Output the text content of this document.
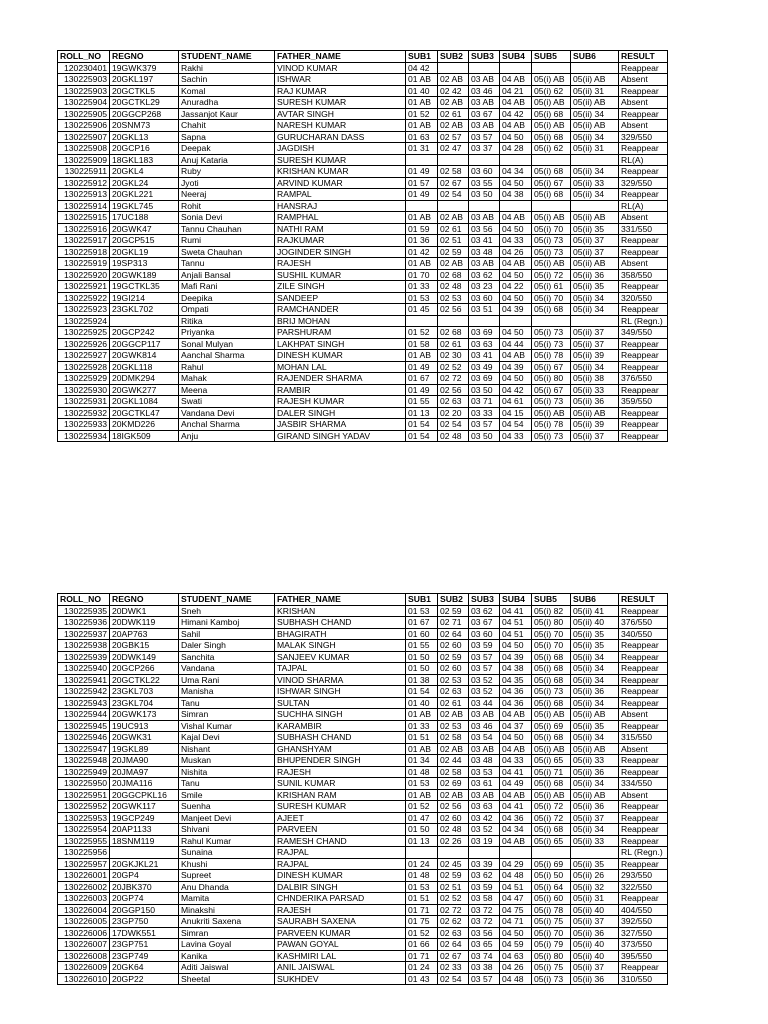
ROLL_NO	REGNO	STUDENT_NAME	FATHER_NAME	SUB1	SUB2	SUB3	SUB4	SUB5	SUB6	RESULT
120230401	19GWK379	Rakhi	VINOD KUMAR	04 42						Reappear
130225903	20GKL197	Sachin	ISHWAR	01 AB	02 AB	03 AB	04 AB	05(i) AB	05(ii) AB	Absent
130225903	20GCTKL5	Komal	RAJ KUMAR	01 40	02 42	03 46	04 21	05(i) 62	05(ii) 31	Reappear
130225904	20GCTKL29	Anuradha	SURESH KUMAR	01 AB	02 AB	03 AB	04 AB	05(i) AB	05(ii) AB	Absent
130225905	20GGCP268	Jassanjot Kaur	AVTAR SINGH	01 52	02 61	03 67	04 42	05(i) 68	05(ii) 34	Reappear
130225906	20SNM73	Chahit	NARESH KUMAR	01 AB	02 AB	03 AB	04 AB	05(i) AB	05(ii) AB	Absent
130225907	20GKL13	Sapna	GURUCHARAN DASS	01 63	02 57	03 57	04 50	05(i) 68	05(ii) 34	329/550
130225908	20GCP16	Deepak	JAGDISH	01 31	02 47	03 37	04 28	05(i) 62	05(ii) 31	Reappear
130225909	18GKL183	Anuj Kataria	SURESH KUMAR							RL(A)
130225911	20GKL4	Ruby	KRISHAN KUMAR	01 49	02 58	03 60	04 34	05(i) 68	05(ii) 34	Reappear
130225912	20GKL24	Jyoti	ARVIND KUMAR	01 57	02 67	03 55	04 50	05(i) 67	05(ii) 33	329/550
130225913	20GKL221	Neeraj	RAMPAL	01 49	02 54	03 50	04 38	05(i) 68	05(ii) 34	Reappear
130225914	19GKL745	Rohit	HANSRAJ							RL(A)
130225915	17UC188	Sonia Devi	RAMPHAL	01 AB	02 AB	03 AB	04 AB	05(i) AB	05(ii) AB	Absent
130225916	20GWK47	Tannu Chauhan	NATHI RAM	01 59	02 61	03 56	04 50	05(i) 70	05(ii) 35	331/550
130225917	20GCP515	Rumi	RAJKUMAR	01 36	02 51	03 41	04 33	05(i) 73	05(ii) 37	Reappear
130225918	20GKL19	Sweta Chauhan	JOGINDER SINGH	01 42	02 59	03 48	04 26	05(i) 73	05(ii) 37	Reappear
130225919	19SP313	Tannu	RAJESH	01 AB	02 AB	03 AB	04 AB	05(i) AB	05(ii) AB	Absent
130225920	20GWK189	Anjali Bansal	SUSHIL KUMAR	01 70	02 68	03 62	04 50	05(i) 72	05(ii) 36	358/550
130225921	19GCTKL35	Mafi Rani	ZILE SINGH	01 33	02 48	03 23	04 22	05(i) 61	05(ii) 35	Reappear
130225922	19GI214	Deepika	SANDEEP	01 53	02 53	03 60	04 50	05(i) 70	05(ii) 34	320/550
130225923	23GKL702	Ompati	RAMCHANDER	01 45	02 56	03 51	04 39	05(i) 68	05(ii) 34	Reappear
130225924		Ritika	BRIJ MOHAN							RL (Regn.)
130225925	20GCP242	Priyanka	PARSHURAM	01 52	02 68	03 69	04 50	05(i) 73	05(ii) 37	349/550
130225926	20GGCP117	Sonal Mulyan	LAKHPAT SINGH	01 58	02 61	03 63	04 44	05(i) 73	05(ii) 37	Reappear
130225927	20GWK814	Aanchal Sharma	DINESH KUMAR	01 AB	02 30	03 41	04 AB	05(i) 78	05(ii) 39	Reappear
130225928	20GKL118	Rahul	MOHAN LAL	01 49	02 52	03 49	04 39	05(i) 67	05(ii) 34	Reappear
130225929	20DMK294	Mahak	RAJENDER SHARMA	01 67	02 72	03 69	04 50	05(i) 80	05(ii) 38	376/550
130225930	20GWK277	Meena	RAMBIR	01 49	02 56	03 50	04 42	05(i) 67	05(ii) 33	Reappear
130225931	20GKL1084	Swati	RAJESH KUMAR	01 55	02 63	03 71	04 61	05(i) 73	05(ii) 36	359/550
130225932	20GCTKL47	Vandana Devi	DALER SINGH	01 13	02 20	03 33	04 15	05(i) AB	05(ii) AB	Reappear
130225933	20KMD226	Anchal Sharma	JASBIR SHARMA	01 54	02 54	03 57	04 54	05(i) 78	05(ii) 39	Reappear
130225934	18IGK509	Anju	GIRAND SINGH YADAV	01 54	02 48	03 50	04 33	05(i) 73	05(ii) 37	Reappear
ROLL_NO	REGNO	STUDENT_NAME	FATHER_NAME	SUB1	SUB2	SUB3	SUB4	SUB5	SUB6	RESULT
130225935	20DWK1	Sneh	KRISHAN	01 53	02 59	03 62	04 41	05(i) 82	05(ii) 41	Reappear
130225936	20DWK119	Himani Kamboj	SUBHASH CHAND	01 67	02 71	03 67	04 51	05(i) 80	05(ii) 40	376/550
130225937	20AP763	Sahil	BHAGIRATH	01 60	02 64	03 60	04 51	05(i) 70	05(ii) 35	340/550
130225938	20GBK15	Daler Singh	MALAK SINGH	01 55	02 60	03 59	04 50	05(i) 70	05(ii) 35	Reappear
130225939	20DWK149	Sanchita	SANJEEV KUMAR	01 50	02 59	03 57	04 39	05(i) 68	05(ii) 34	Reappear
130225940	20GCP266	Vandana	TAJPAL	01 50	02 60	03 57	04 38	05(i) 68	05(ii) 34	Reappear
130225941	20GCTKL22	Uma Rani	VINOD SHARMA	01 38	02 53	03 52	04 35	05(i) 68	05(ii) 34	Reappear
130225942	23GKL703	Manisha	ISHWAR SINGH	01 54	02 63	03 52	04 36	05(i) 73	05(ii) 36	Reappear
130225943	23GKL704	Tanu	SULTAN	01 40	02 61	03 44	04 36	05(i) 68	05(ii) 34	Reappear
130225944	20GWK173	Simran	SUCHHA SINGH	01 AB	02 AB	03 AB	04 AB	05(i) AB	05(ii) AB	Absent
130225945	19UC913	Vishal Kumar	KARAMBIR	01 33	02 53	03 46	04 37	05(i) 69	05(ii) 35	Reappear
130225946	20GWK31	Kajal Devi	SUBHASH CHAND	01 51	02 58	03 54	04 50	05(i) 68	05(ii) 34	315/550
130225947	19GKL89	Nishant	GHANSHYAM	01 AB	02 AB	03 AB	04 AB	05(i) AB	05(ii) AB	Absent
130225948	20JMA90	Muskan	BHUPENDER SINGH	01 34	02 44	03 48	04 33	05(i) 65	05(ii) 33	Reappear
130225949	20JMA97	Nishita	RAJESH	01 48	02 58	03 53	04 41	05(i) 71	05(ii) 36	Reappear
130225950	20JMA116	Tanu	SUNIL KUMAR	01 53	02 69	03 61	04 49	05(i) 68	05(ii) 34	334/550
130225951	20GGCPKL16	Smile	KRISHAN RAM	01 AB	02 AB	03 AB	04 AB	05(i) AB	05(ii) AB	Absent
130225952	20GWK117	Suenha	SURESH KUMAR	01 52	02 56	03 63	04 41	05(i) 72	05(ii) 36	Reappear
130225953	19GCP249	Manjeet Devi	AJEET	01 47	02 60	03 42	04 36	05(i) 72	05(ii) 37	Reappear
130225954	20AP1133	Shivani	PARVEEN	01 50	02 48	03 52	04 34	05(i) 68	05(ii) 34	Reappear
130225955	18SNM119	Rahul Kumar	RAMESH CHAND	01 13	02 26	03 19	04 AB	05(i) 65	05(ii) 33	Reappear
130225956		Sunaina	RAJPAL							RL (Regn.)
130225957	20GKJKL21	Khushi	RAJPAL	01 24	02 45	03 39	04 29	05(i) 69	05(ii) 35	Reappear
130226001	20GP4	Supreet	DINESH KUMAR	01 48	02 59	03 62	04 48	05(i) 50	05(ii) 26	293/550
130226002	20JBK370	Anu Dhanda	DALBIR SINGH	01 53	02 51	03 59	04 51	05(i) 64	05(ii) 32	322/550
130226003	20GP74	Mamita	CHNDERIKA PARSAD	01 51	02 52	03 58	04 47	05(i) 60	05(ii) 31	Reappear
130226004	20GGP150	Minakshi	RAJESH	01 71	02 72	03 72	04 75	05(i) 78	05(ii) 40	404/550
130226005	23GP750	Anukriti Saxena	SAURABH SAXENA	01 75	02 62	03 72	04 71	05(i) 75	05(ii) 37	392/550
130226006	17DWK551	Simran	PARVEEN KUMAR	01 52	02 63	03 56	04 50	05(i) 70	05(ii) 36	327/550
130226007	23GP751	Lavina Goyal	PAWAN GOYAL	01 66	02 64	03 65	04 59	05(i) 79	05(ii) 40	373/550
130226008	23GP749	Kanika	KASHMIRI LAL	01 71	02 67	03 74	04 63	05(i) 80	05(ii) 40	395/550
130226009	20GK64	Aditi Jaiswal	ANIL JAISWAL	01 24	02 33	03 38	04 26	05(i) 75	05(ii) 37	Reappear
130226010	20GP22	Sheetal	SUKHDEV	01 43	02 54	03 57	04 48	05(i) 73	05(ii) 36	310/550
